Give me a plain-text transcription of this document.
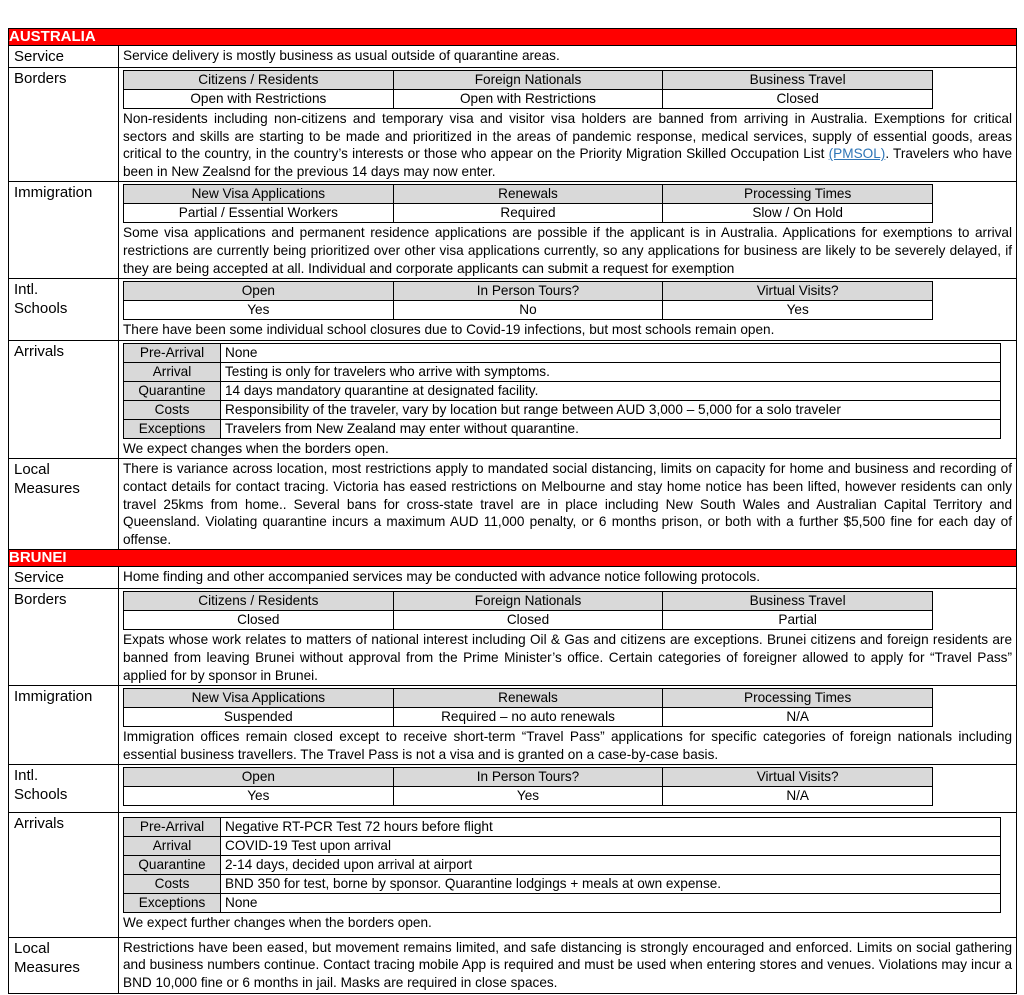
AUSTRALIA
Service	Service delivery is mostly business as usual outside of quarantine areas.
Borders		Citizens / Residents	Foreign Nationals	Business Travel
Open with Restrictions	Open with Restrictions	Closed
Non-residents including non-citizens and temporary visa and visitor visa holders are banned from arriving in Australia. Exemptions for critical sectors and skills are starting to be made and prioritized in the areas of pandemic response, medical services, supply of essential goods, areas critical to the country, in the country’s interests or those who appear on the Priority Migration Skilled Occupation List (PMSOL). Travelers who have been in New Zealsnd for the previous 14 days may now enter.

Immigration		New Visa Applications	Renewals	Processing Times
Partial / Essential Workers	Required	Slow / On Hold
Some visa applications and permanent residence applications are possible if the applicant is in Australia. Applications for exemptions to arrival restrictions are currently being prioritized over other visa applications currently, so any applications for business are likely to be severely delayed, if they are being accepted at all. Individual and corporate applicants can submit a request for exemption

Intl.
Schools

Open	In Person Tours?	Virtual Visits?
Yes	No	Yes
There have been some individual school closures due to Covid-19 infections, but most schools remain open.

Arrivals		Pre-Arrival	None
Arrival	Testing is only for travelers who arrive with symptoms.
Quarantine	14 days mandatory quarantine at designated facility.
Costs	Responsibility of the traveler, vary by location but range between AUD 3,000 – 5,000 for a solo traveler
Exceptions	Travelers from New Zealand may enter without quarantine.
We expect changes when the borders open.

Local
Measures
	There is variance across location, most restrictions apply to mandated social distancing, limits on capacity for home and business and recording of contact details for contact tracing. Victoria has eased restrictions on Melbourne and stay home notice has been lifted, however residents can only travel 25kms from home.. Several bans for cross-state travel are in place including New South Wales and Australian Capital Territory and Queensland. Violating quarantine incurs a maximum AUD 11,000 penalty, or 6 months prison, or both with a further $5,500 fine for each day of offense.
BRUNEI
Service	Home finding and other accompanied services may be conducted with advance notice following protocols.
Borders		Citizens / Residents	Foreign Nationals	Business Travel
Closed	Closed	Partial
Expats whose work relates to matters of national interest including Oil & Gas and citizens are exceptions. Brunei citizens and foreign residents are banned from leaving Brunei without approval from the Prime Minister’s office. Certain categories of foreigner allowed to apply for “Travel Pass” applied for by sponsor in Brunei.

Immigration		New Visa Applications	Renewals	Processing Times
Suspended	Required – no auto renewals	N/A
Immigration offices remain closed except to receive short-term “Travel Pass” applications for specific categories of foreign nationals including essential business travellers. The Travel Pass is not a visa and is granted on a case-by-case basis.

Intl.
Schools

Open	In Person Tours?	Virtual Visits?
Yes	Yes	N/A

Arrivals		Pre-Arrival	Negative RT-PCR Test 72 hours before flight
Arrival	COVID-19 Test upon arrival
Quarantine	2-14 days, decided upon arrival at airport
Costs	BND 350 for test, borne by sponsor. Quarantine lodgings + meals at own expense.
Exceptions	None
We expect further changes when the borders open.

Local
Measures
	Restrictions have been eased, but movement remains limited, and safe distancing is strongly encouraged and enforced. Limits on social gathering and business numbers continue. Contact tracing mobile App is required and must be used when entering stores and venues. Violations may incur a BND 10,000 fine or 6 months in jail. Masks are required in close spaces.
